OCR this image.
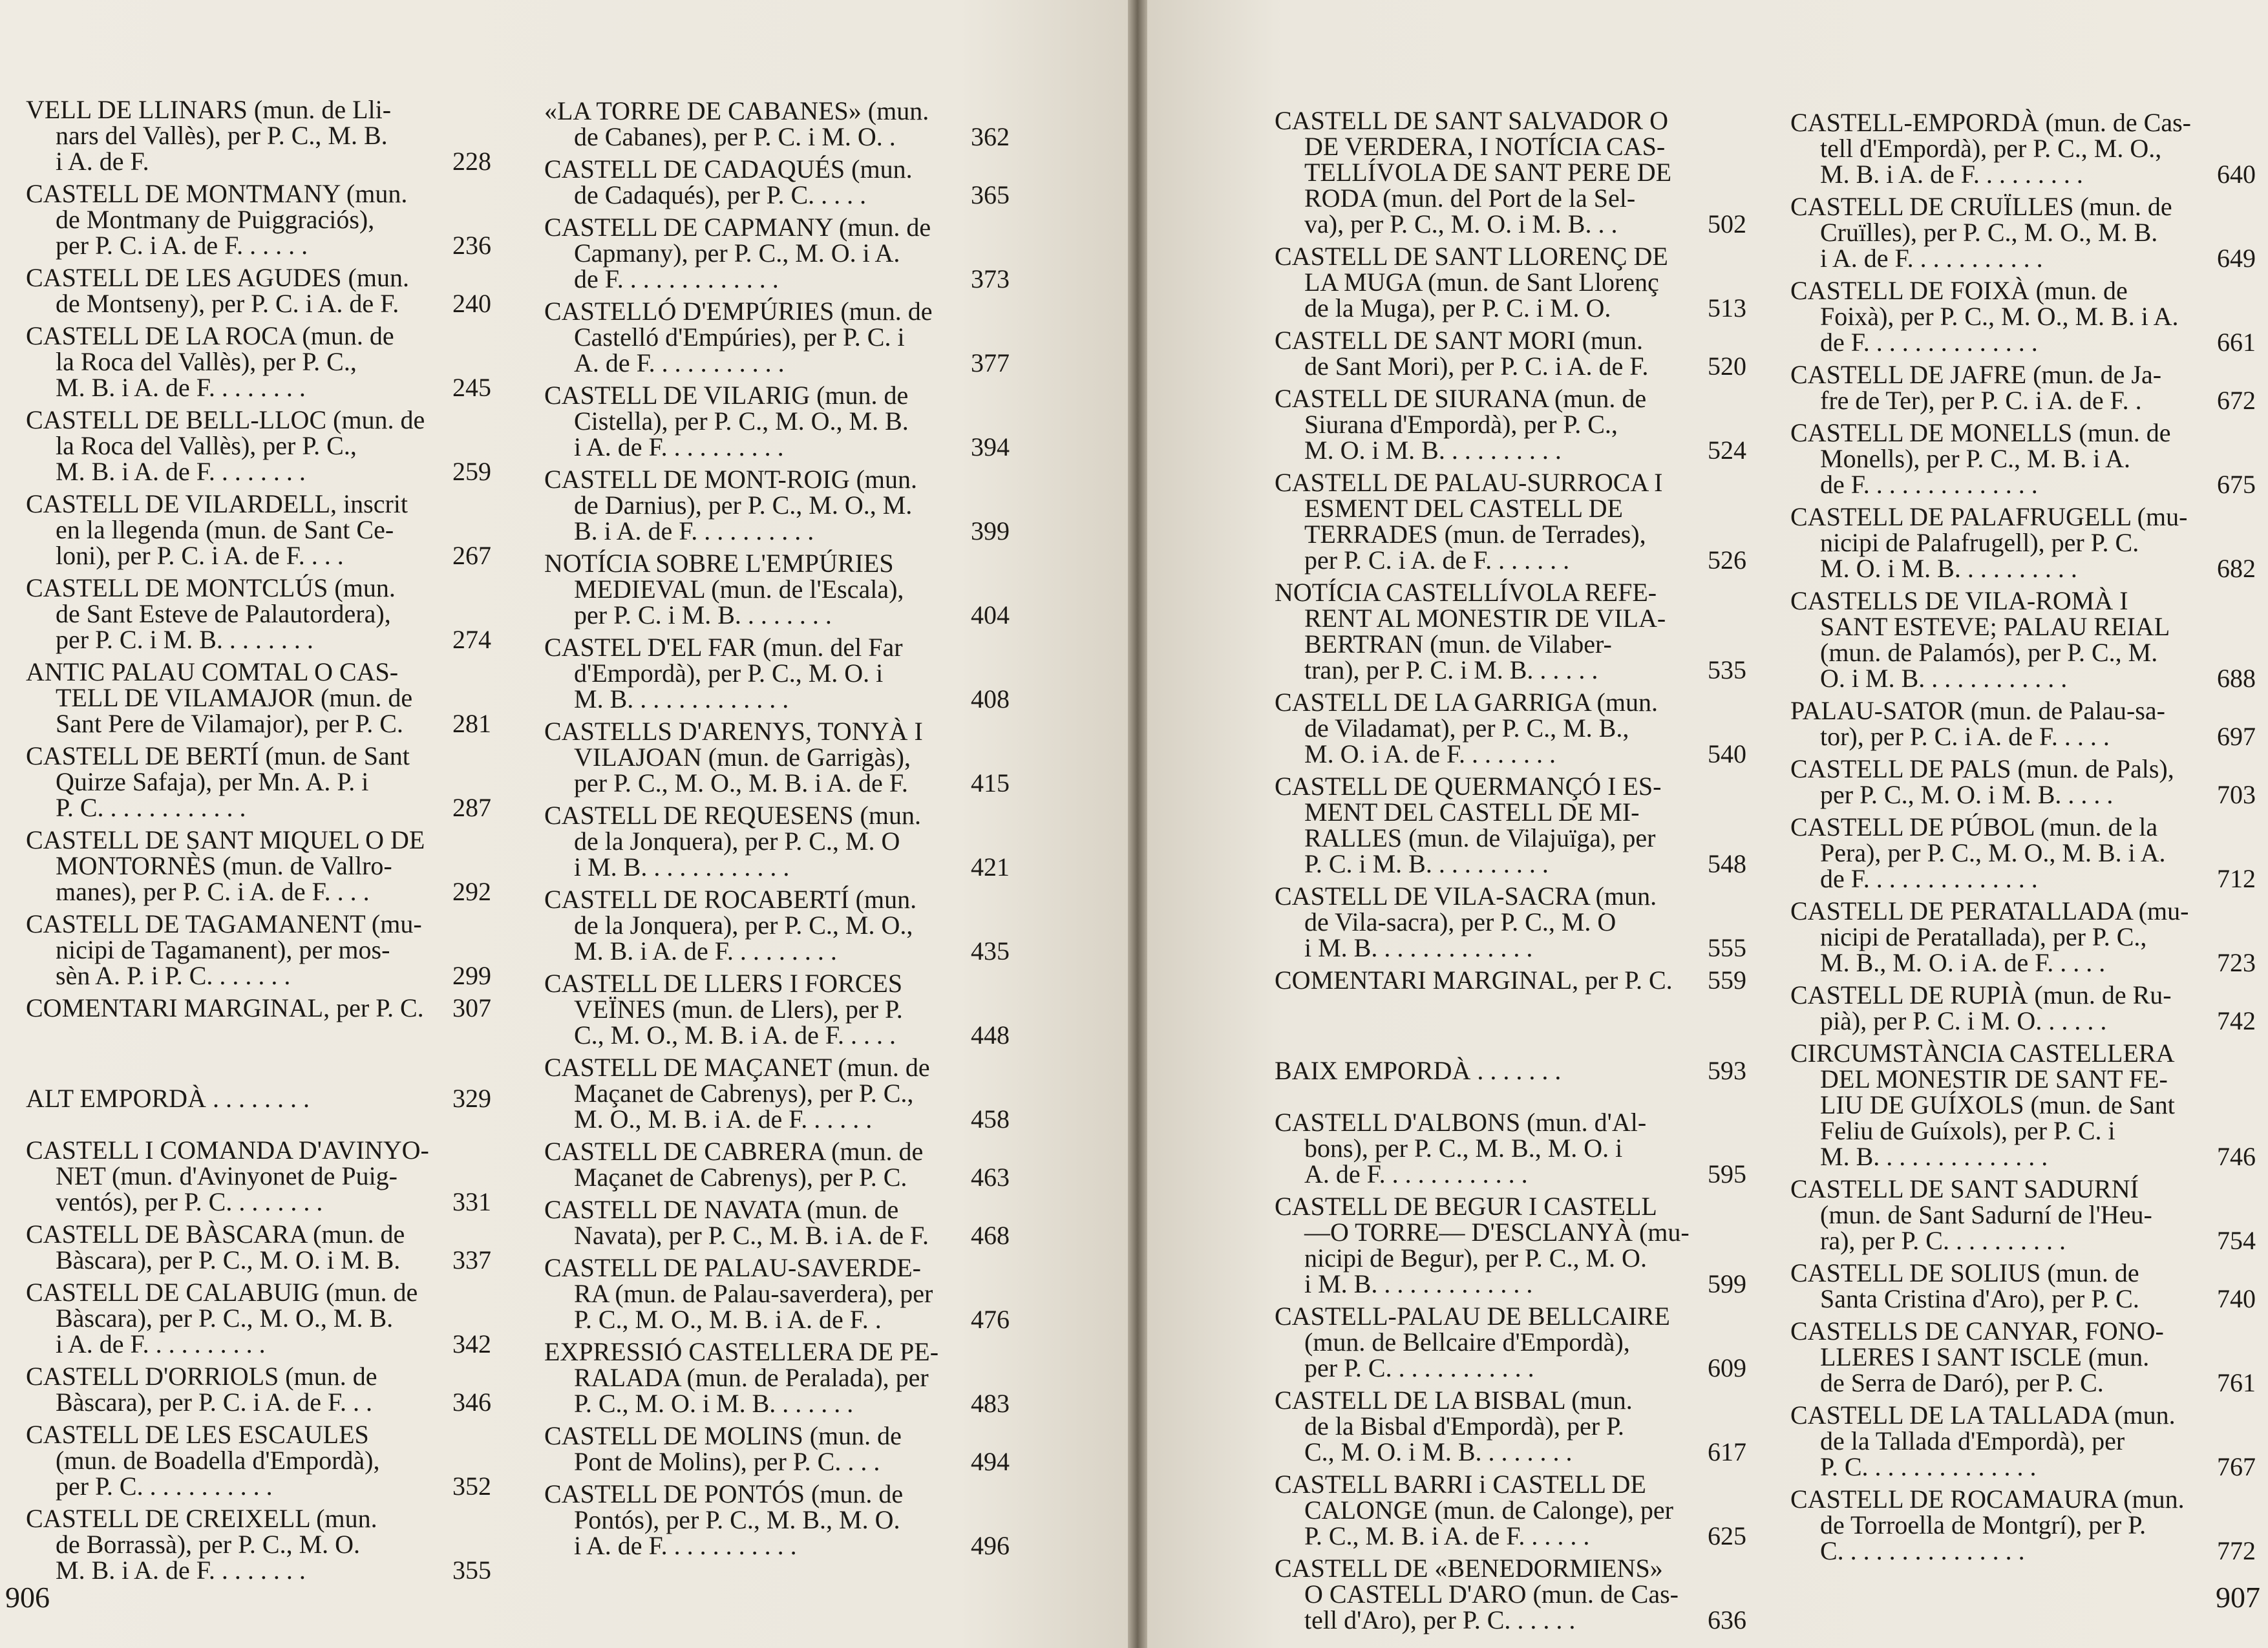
VELL DE LLINARS (mun. de Lli-
nars del Vallès), per P. C., M. B.
i A. de F.	228
CASTELL DE MONTMANY (mun.
de Montmany de Puiggraciós),
per P. C. i A. de F. . . . . .	236
CASTELL DE LES AGUDES (mun.
de Montseny), per P. C. i A. de F.	240
CASTELL DE LA ROCA (mun. de
la Roca del Vallès), per P. C.,
M. B. i A. de F. . . . . . . .	245
CASTELL DE BELL-LLOC (mun. de
la Roca del Vallès), per P. C.,
M. B. i A. de F. . . . . . . .	259
CASTELL DE VILARDELL, inscrit
en la llegenda (mun. de Sant Ce-
loni), per P. C. i A. de F. . . .	267
CASTELL DE MONTCLÚS (mun.
de Sant Esteve de Palautordera),
per P. C. i M. B. . . . . . . .	274
ANTIC PALAU COMTAL O CAS-
TELL DE VILAMAJOR (mun. de
Sant Pere de Vilamajor), per P. C.	281
CASTELL DE BERTÍ (mun. de Sant
Quirze Safaja), per Mn. A. P. i
P. C. . . . . . . . . . . .	287
CASTELL DE SANT MIQUEL O DE
MONTORNÈS (mun. de Vallro-
manes), per P. C. i A. de F. . . .	292
CASTELL DE TAGAMANENT (mu-
nicipi de Tagamanent), per mos-
sèn A. P. i P. C. . . . . . .	299
COMENTARI MARGINAL, per P. C.	307
ALT EMPORDÀ . . . . . . . .	329
CASTELL I COMANDA D'AVINYO-
NET (mun. d'Avinyonet de Puig-
ventós), per P. C. . . . . . . .	331
CASTELL DE BÀSCARA (mun. de
Bàscara), per P. C., M. O. i M. B.	337
CASTELL DE CALABUIG (mun. de
Bàscara), per P. C., M. O., M. B.
i A. de F. . . . . . . . . .	342
CASTELL D'ORRIOLS (mun. de
Bàscara), per P. C. i A. de F. . .	346
CASTELL DE LES ESCAULES
(mun. de Boadella d'Empordà),
per P. C. . . . . . . . . . .	352
CASTELL DE CREIXELL (mun.
de Borrassà), per P. C., M. O.
M. B. i A. de F. . . . . . . .	355
«LA TORRE DE CABANES» (mun.
de Cabanes), per P. C. i M. O. .	362
CASTELL DE CADAQUÉS (mun.
de Cadaqués), per P. C. . . . .	365
CASTELL DE CAPMANY (mun. de
Capmany), per P. C., M. O. i A.
de F. . . . . . . . . . . . .	373
CASTELLÓ D'EMPÚRIES (mun. de
Castelló d'Empúries), per P. C. i
A. de F. . . . . . . . . . .	377
CASTELL DE VILARIG (mun. de
Cistella), per P. C., M. O., M. B.
i A. de F. . . . . . . . . .	394
CASTELL DE MONT-ROIG (mun.
de Darnius), per P. C., M. O., M.
B. i A. de F. . . . . . . . . .	399
NOTÍCIA SOBRE L'EMPÚRIES
MEDIEVAL (mun. de l'Escala),
per P. C. i M. B. . . . . . . .	404
CASTEL D'EL FAR (mun. del Far
d'Empordà), per P. C., M. O. i
M. B. . . . . . . . . . . . .	408
CASTELLS D'ARENYS, TONYÀ I
VILAJOAN (mun. de Garrigàs),
per P. C., M. O., M. B. i A. de F.	415
CASTELL DE REQUESENS (mun.
de la Jonquera), per P. C., M. O
i M. B. . . . . . . . . . . .	421
CASTELL DE ROCABERTÍ (mun.
de la Jonquera), per P. C., M. O.,
M. B. i A. de F. . . . . . . . .	435
CASTELL DE LLERS I FORCES
VEÏNES (mun. de Llers), per P.
C., M. O., M. B. i A. de F. . . . .	448
CASTELL DE MAÇANET (mun. de
Maçanet de Cabrenys), per P. C.,
M. O., M. B. i A. de F. . . . . .	458
CASTELL DE CABRERA (mun. de
Maçanet de Cabrenys), per P. C.	463
CASTELL DE NAVATA (mun. de
Navata), per P. C., M. B. i A. de F.	468
CASTELL DE PALAU-SAVERDE-
RA (mun. de Palau-saverdera), per
P. C., M. O., M. B. i A. de F. .	476
EXPRESSIÓ CASTELLERA DE PE-
RALADA (mun. de Peralada), per
P. C., M. O. i M. B. . . . . . .	483
CASTELL DE MOLINS (mun. de
Pont de Molins), per P. C. . . .	494
CASTELL DE PONTÓS (mun. de
Pontós), per P. C., M. B., M. O.
i A. de F. . . . . . . . . . .	496
906
CASTELL DE SANT SALVADOR O
DE VERDERA, I NOTÍCIA CAS-
TELLÍVOLA DE SANT PERE DE
RODA (mun. del Port de la Sel-
va), per P. C., M. O. i M. B. . .	502
CASTELL DE SANT LLORENÇ DE
LA MUGA (mun. de Sant Llorenç
de la Muga), per P. C. i M. O.	513
CASTELL DE SANT MORI (mun.
de Sant Mori), per P. C. i A. de F.	520
CASTELL DE SIURANA (mun. de
Siurana d'Empordà), per P. C.,
M. O. i M. B. . . . . . . . . .	524
CASTELL DE PALAU-SURROCA I
ESMENT DEL CASTELL DE
TERRADES (mun. de Terrades),
per P. C. i A. de F. . . . . . .	526
NOTÍCIA CASTELLÍVOLA REFE-
RENT AL MONESTIR DE VILA-
BERTRAN (mun. de Vilaber-
tran), per P. C. i M. B. . . . . .	535
CASTELL DE LA GARRIGA (mun.
de Viladamat), per P. C., M. B.,
M. O. i A. de F. . . . . . . .	540
CASTELL DE QUERMANÇÓ I ES-
MENT DEL CASTELL DE MI-
RALLES (mun. de Vilajuïga), per
P. C. i M. B. . . . . . . . . .	548
CASTELL DE VILA-SACRA (mun.
de Vila-sacra), per P. C., M. O
i M. B. . . . . . . . . . . . .	555
COMENTARI MARGINAL, per P. C.	559
BAIX EMPORDÀ . . . . . . .	593
CASTELL D'ALBONS (mun. d'Al-
bons), per P. C., M. B., M. O. i
A. de F. . . . . . . . . . . .	595
CASTELL DE BEGUR I CASTELL
—O TORRE— D'ESCLANYÀ (mu-
nicipi de Begur), per P. C., M. O.
i M. B. . . . . . . . . . . . .	599
CASTELL-PALAU DE BELLCAIRE
(mun. de Bellcaire d'Empordà),
per P. C. . . . . . . . . . . .	609
CASTELL DE LA BISBAL (mun.
de la Bisbal d'Empordà), per P.
C., M. O. i M. B. . . . . . . .	617
CASTELL BARRI i CASTELL DE
CALONGE (mun. de Calonge), per
P. C., M. B. i A. de F. . . . . .	625
CASTELL DE «BENEDORMIENS»
O CASTELL D'ARO (mun. de Cas-
tell d'Aro), per P. C. . . . . .	636
CASTELL-EMPORDÀ (mun. de Cas-
tell d'Empordà), per P. C., M. O.,
M. B. i A. de F. . . . . . . . .	640
CASTELL DE CRUÏLLES (mun. de
Cruïlles), per P. C., M. O., M. B.
i A. de F. . . . . . . . . . .	649
CASTELL DE FOIXÀ (mun. de
Foixà), per P. C., M. O., M. B. i A.
de F. . . . . . . . . . . . . .	661
CASTELL DE JAFRE (mun. de Ja-
fre de Ter), per P. C. i A. de F. .	672
CASTELL DE MONELLS (mun. de
Monells), per P. C., M. B. i A.
de F. . . . . . . . . . . . . .	675
CASTELL DE PALAFRUGELL (mu-
nicipi de Palafrugell), per P. C.
M. O. i M. B. . . . . . . . . .	682
CASTELLS DE VILA-ROMÀ I
SANT ESTEVE; PALAU REIAL
(mun. de Palamós), per P. C., M.
O. i M. B. . . . . . . . . . . .	688
PALAU-SATOR (mun. de Palau-sa-
tor), per P. C. i A. de F. . . . .	697
CASTELL DE PALS (mun. de Pals),
per P. C., M. O. i M. B. . . . .	703
CASTELL DE PÚBOL (mun. de la
Pera), per P. C., M. O., M. B. i A.
de F. . . . . . . . . . . . . .	712
CASTELL DE PERATALLADA (mu-
nicipi de Peratallada), per P. C.,
M. B., M. O. i A. de F. . . . .	723
CASTELL DE RUPIÀ (mun. de Ru-
pià), per P. C. i M. O. . . . . .	742
CIRCUMSTÀNCIA CASTELLERA
DEL MONESTIR DE SANT FE-
LIU DE GUÍXOLS (mun. de Sant
Feliu de Guíxols), per P. C. i
M. B. . . . . . . . . . . . . .	746
CASTELL DE SANT SADURNÍ
(mun. de Sant Sadurní de l'Heu-
ra), per P. C. . . . . . . . . .	754
CASTELL DE SOLIUS (mun. de
Santa Cristina d'Aro), per P. C.	740
CASTELLS DE CANYAR, FONO-
LLERES I SANT ISCLE (mun.
de Serra de Daró), per P. C.	761
CASTELL DE LA TALLADA (mun.
de la Tallada d'Empordà), per
P. C. . . . . . . . . . . . . .	767
CASTELL DE ROCAMAURA (mun.
de Torroella de Montgrí), per P.
C. . . . . . . . . . . . . . .	772
907
